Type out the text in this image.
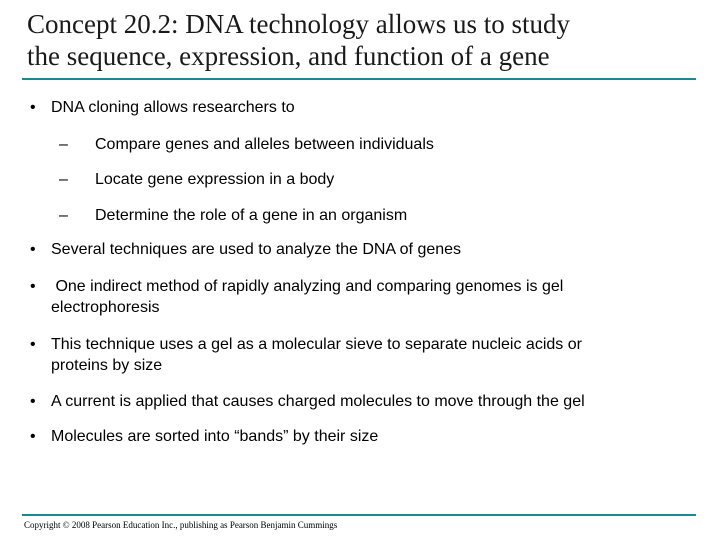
Concept 20.2: DNA technology allows us to study
the sequence, expression, and function of a gene
• DNA cloning allows researchers to
– Compare genes and alleles between individuals
– Locate gene expression in a body
– Determine the role of a gene in an organism
• Several techniques are used to analyze the DNA of genes
• One indirect method of rapidly analyzing and comparing genomes is gel
electrophoresis
• This technique uses a gel as a molecular sieve to separate nucleic acids or
proteins by size
• A current is applied that causes charged molecules to move through the gel
• Molecules are sorted into “bands” by their size
Copyright © 2008 Pearson Education Inc., publishing as Pearson Benjamin Cummings
